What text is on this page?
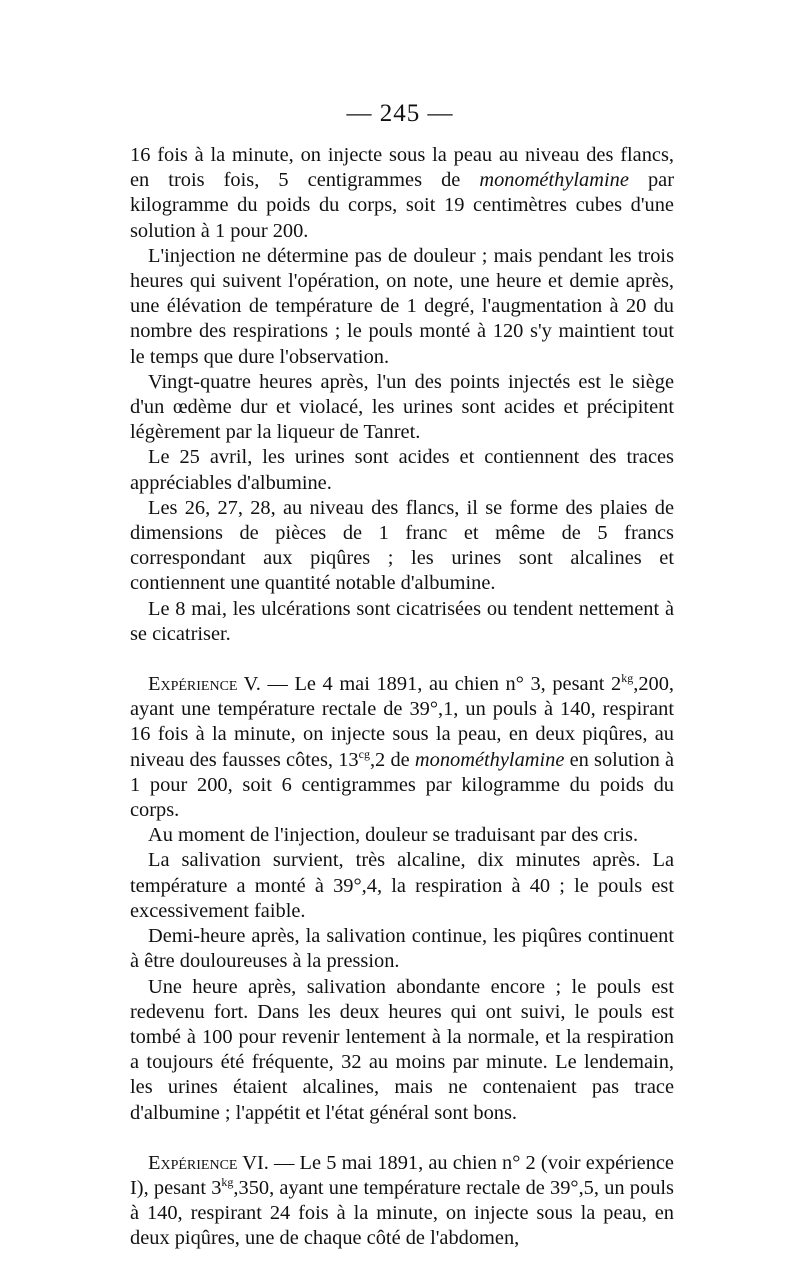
— 245 —

16 fois à la minute, on injecte sous la peau au niveau des flancs, en trois fois, 5 centigrammes de monométhylamine par kilogramme du poids du corps, soit 19 centimètres cubes d'une solution à 1 pour 200.

L'injection ne détermine pas de douleur ; mais pendant les trois heures qui suivent l'opération, on note, une heure et demie après, une élévation de température de 1 degré, l'augmentation à 20 du nombre des respirations ; le pouls monté à 120 s'y maintient tout le temps que dure l'observation.

Vingt-quatre heures après, l'un des points injectés est le siège d'un œdème dur et violacé, les urines sont acides et précipitent légèrement par la liqueur de Tanret.

Le 25 avril, les urines sont acides et contiennent des traces appréciables d'albumine.

Les 26, 27, 28, au niveau des flancs, il se forme des plaies de dimensions de pièces de 1 franc et même de 5 francs correspondant aux piqûres ; les urines sont alcalines et contiennent une quantité notable d'albumine.

Le 8 mai, les ulcérations sont cicatrisées ou tendent nettement à se cicatriser.

Expérience V. — Le 4 mai 1891, au chien n° 3, pesant $2^{kg},200$, ayant une température rectale de 39°,1, un pouls à 140, respirant 16 fois à la minute, on injecte sous la peau, en deux piqûres, au niveau des fausses côtes, $13^{cg},2$ de monométhylamine en solution à 1 pour 200, soit 6 centigrammes par kilogramme du poids du corps.

Au moment de l'injection, douleur se traduisant par des cris.

La salivation survient, très alcaline, dix minutes après. La température a monté à 39°,4, la respiration à 40 ; le pouls est excessivement faible.

Demi-heure après, la salivation continue, les piqûres continuent à être douloureuses à la pression.

Une heure après, salivation abondante encore ; le pouls est redevenu fort. Dans les deux heures qui ont suivi, le pouls est tombé à 100 pour revenir lentement à la normale, et la respiration a toujours été fréquente, 32 au moins par minute. Le lendemain, les urines étaient alcalines, mais ne contenaient pas trace d'albumine ; l'appétit et l'état général sont bons.

Expérience VI. — Le 5 mai 1891, au chien n° 2 (voir expérience I), pesant $3^{kg},350$, ayant une température rectale de 39°,5, un pouls à 140, respirant 24 fois à la minute, on injecte sous la peau, en deux piqûres, une de chaque côté de l'abdomen,
